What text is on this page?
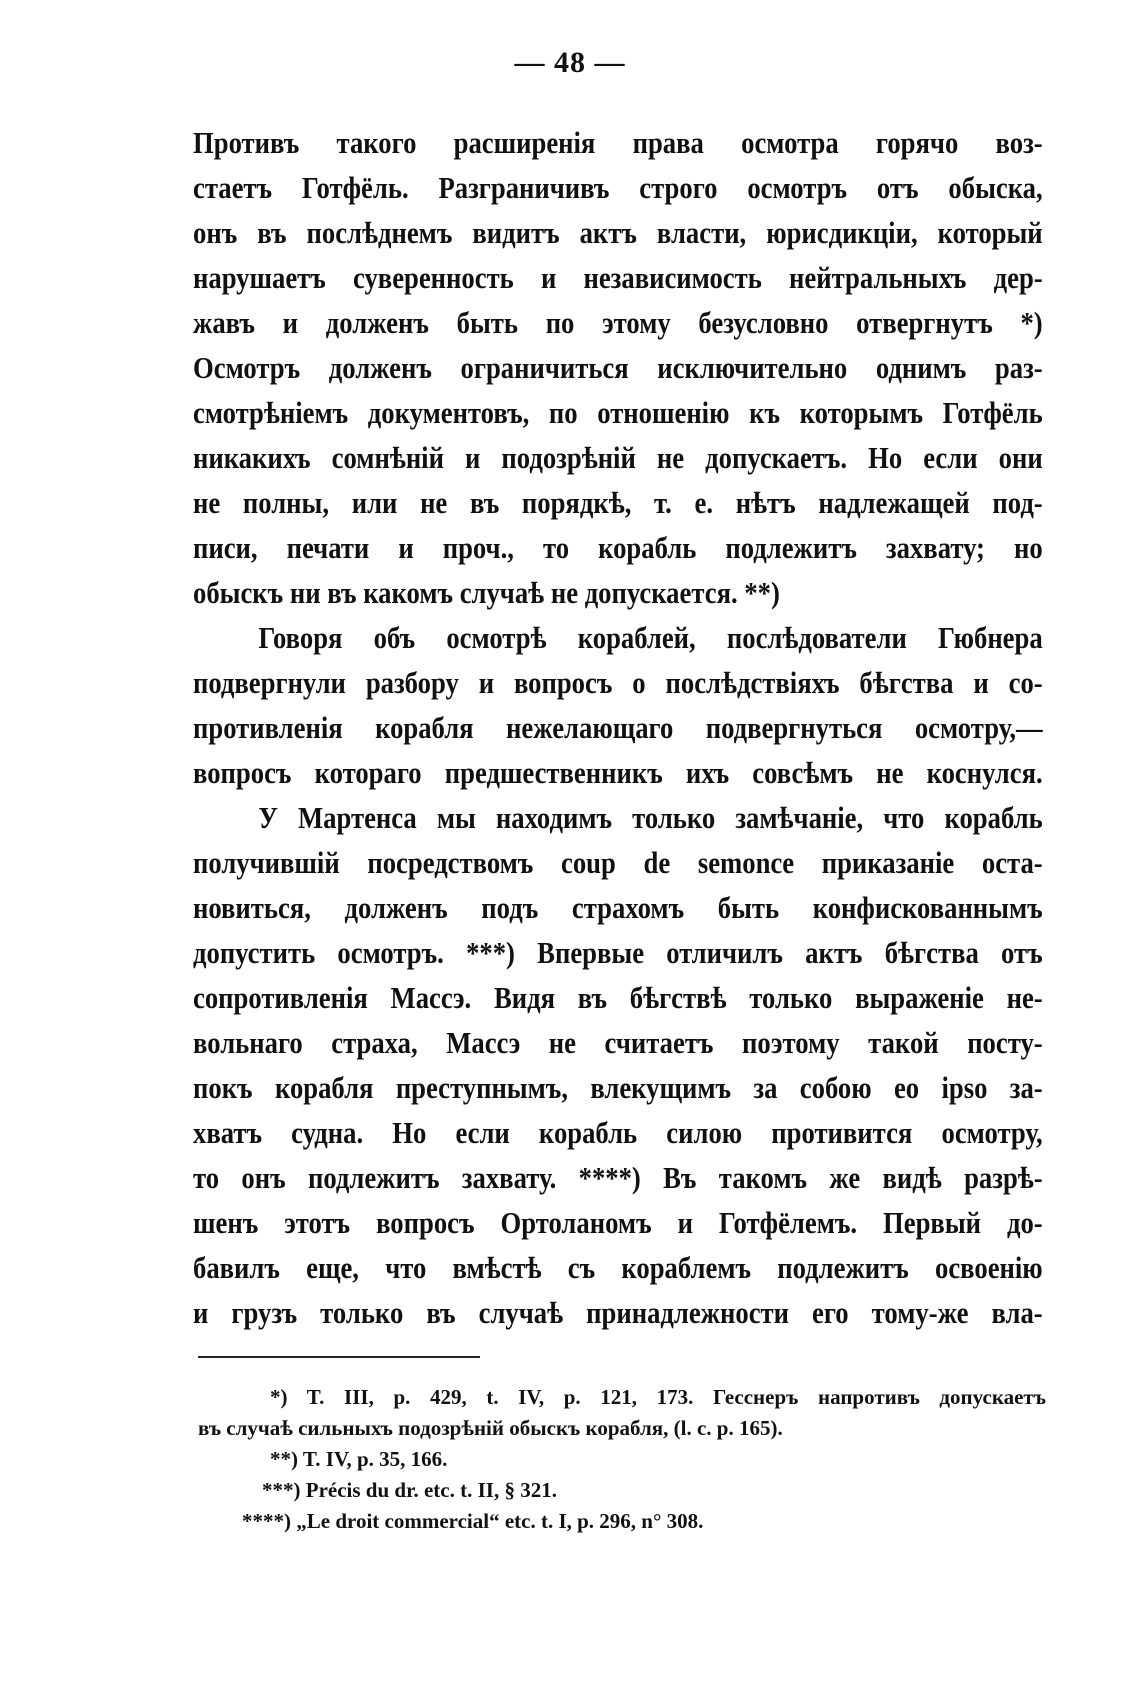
— 48 —
Противъ такого расширенія права осмотра горячо воз-
стаетъ Готфёль. Разграничивъ строго осмотръ отъ обыска,
онъ въ послѣднемъ видитъ актъ власти, юрисдикціи, который
нарушаетъ суверенность и независимость нейтральныхъ дер-
жавъ и долженъ быть по этому безусловно отвергнутъ *)
Осмотръ долженъ ограничиться исключительно однимъ раз-
смотрѣніемъ документовъ, по отношенію къ которымъ Готфёль
никакихъ сомнѣній и подозрѣній не допускаетъ. Но если они
не полны, или не въ порядкѣ, т. е. нѣтъ надлежащей под-
писи, печати и проч., то корабль подлежитъ захвату; но
обыскъ ни въ какомъ случаѣ не допускается. **)
Говоря объ осмотрѣ кораблей, послѣдователи Гюбнера
подвергнули разбору и вопросъ о послѣдствіяхъ бѣгства и со-
противленія корабля нежелающаго подвергнуться осмотру,—
вопросъ котораго предшественникъ ихъ совсѣмъ не коснулся.
У Мартенса мы находимъ только замѣчаніе, что корабль
получившій посредствомъ coup de semonce приказаніе оста-
новиться, долженъ подъ страхомъ быть конфискованнымъ
допустить осмотръ. ***) Впервые отличилъ актъ бѣгства отъ
сопротивленія Массэ. Видя въ бѣгствѣ только выраженіе не-
вольнаго страха, Массэ не считаетъ поэтому такой посту-
покъ корабля преступнымъ, влекущимъ за собою eo ipso за-
хватъ судна. Но если корабль силою противится осмотру,
то онъ подлежитъ захвату. ****) Въ такомъ же видѣ разрѣ-
шенъ этотъ вопросъ Ортоланомъ и Готфёлемъ. Первый до-
бавилъ еще, что вмѣстѣ съ кораблемъ подлежитъ освоенію
и грузъ только въ случаѣ принадлежности его тому-же вла-
*) T. III, p. 429, t. IV, p. 121, 173. Гесснеръ напротивъ допускаетъ
въ случаѣ сильныхъ подозрѣній обыскъ корабля, (l. c. p. 165).
**) T. IV, p. 35, 166.
***) Précis du dr. etc. t. II, § 321.
****) „Le droit commercial“ etc. t. I, p. 296, n° 308.
